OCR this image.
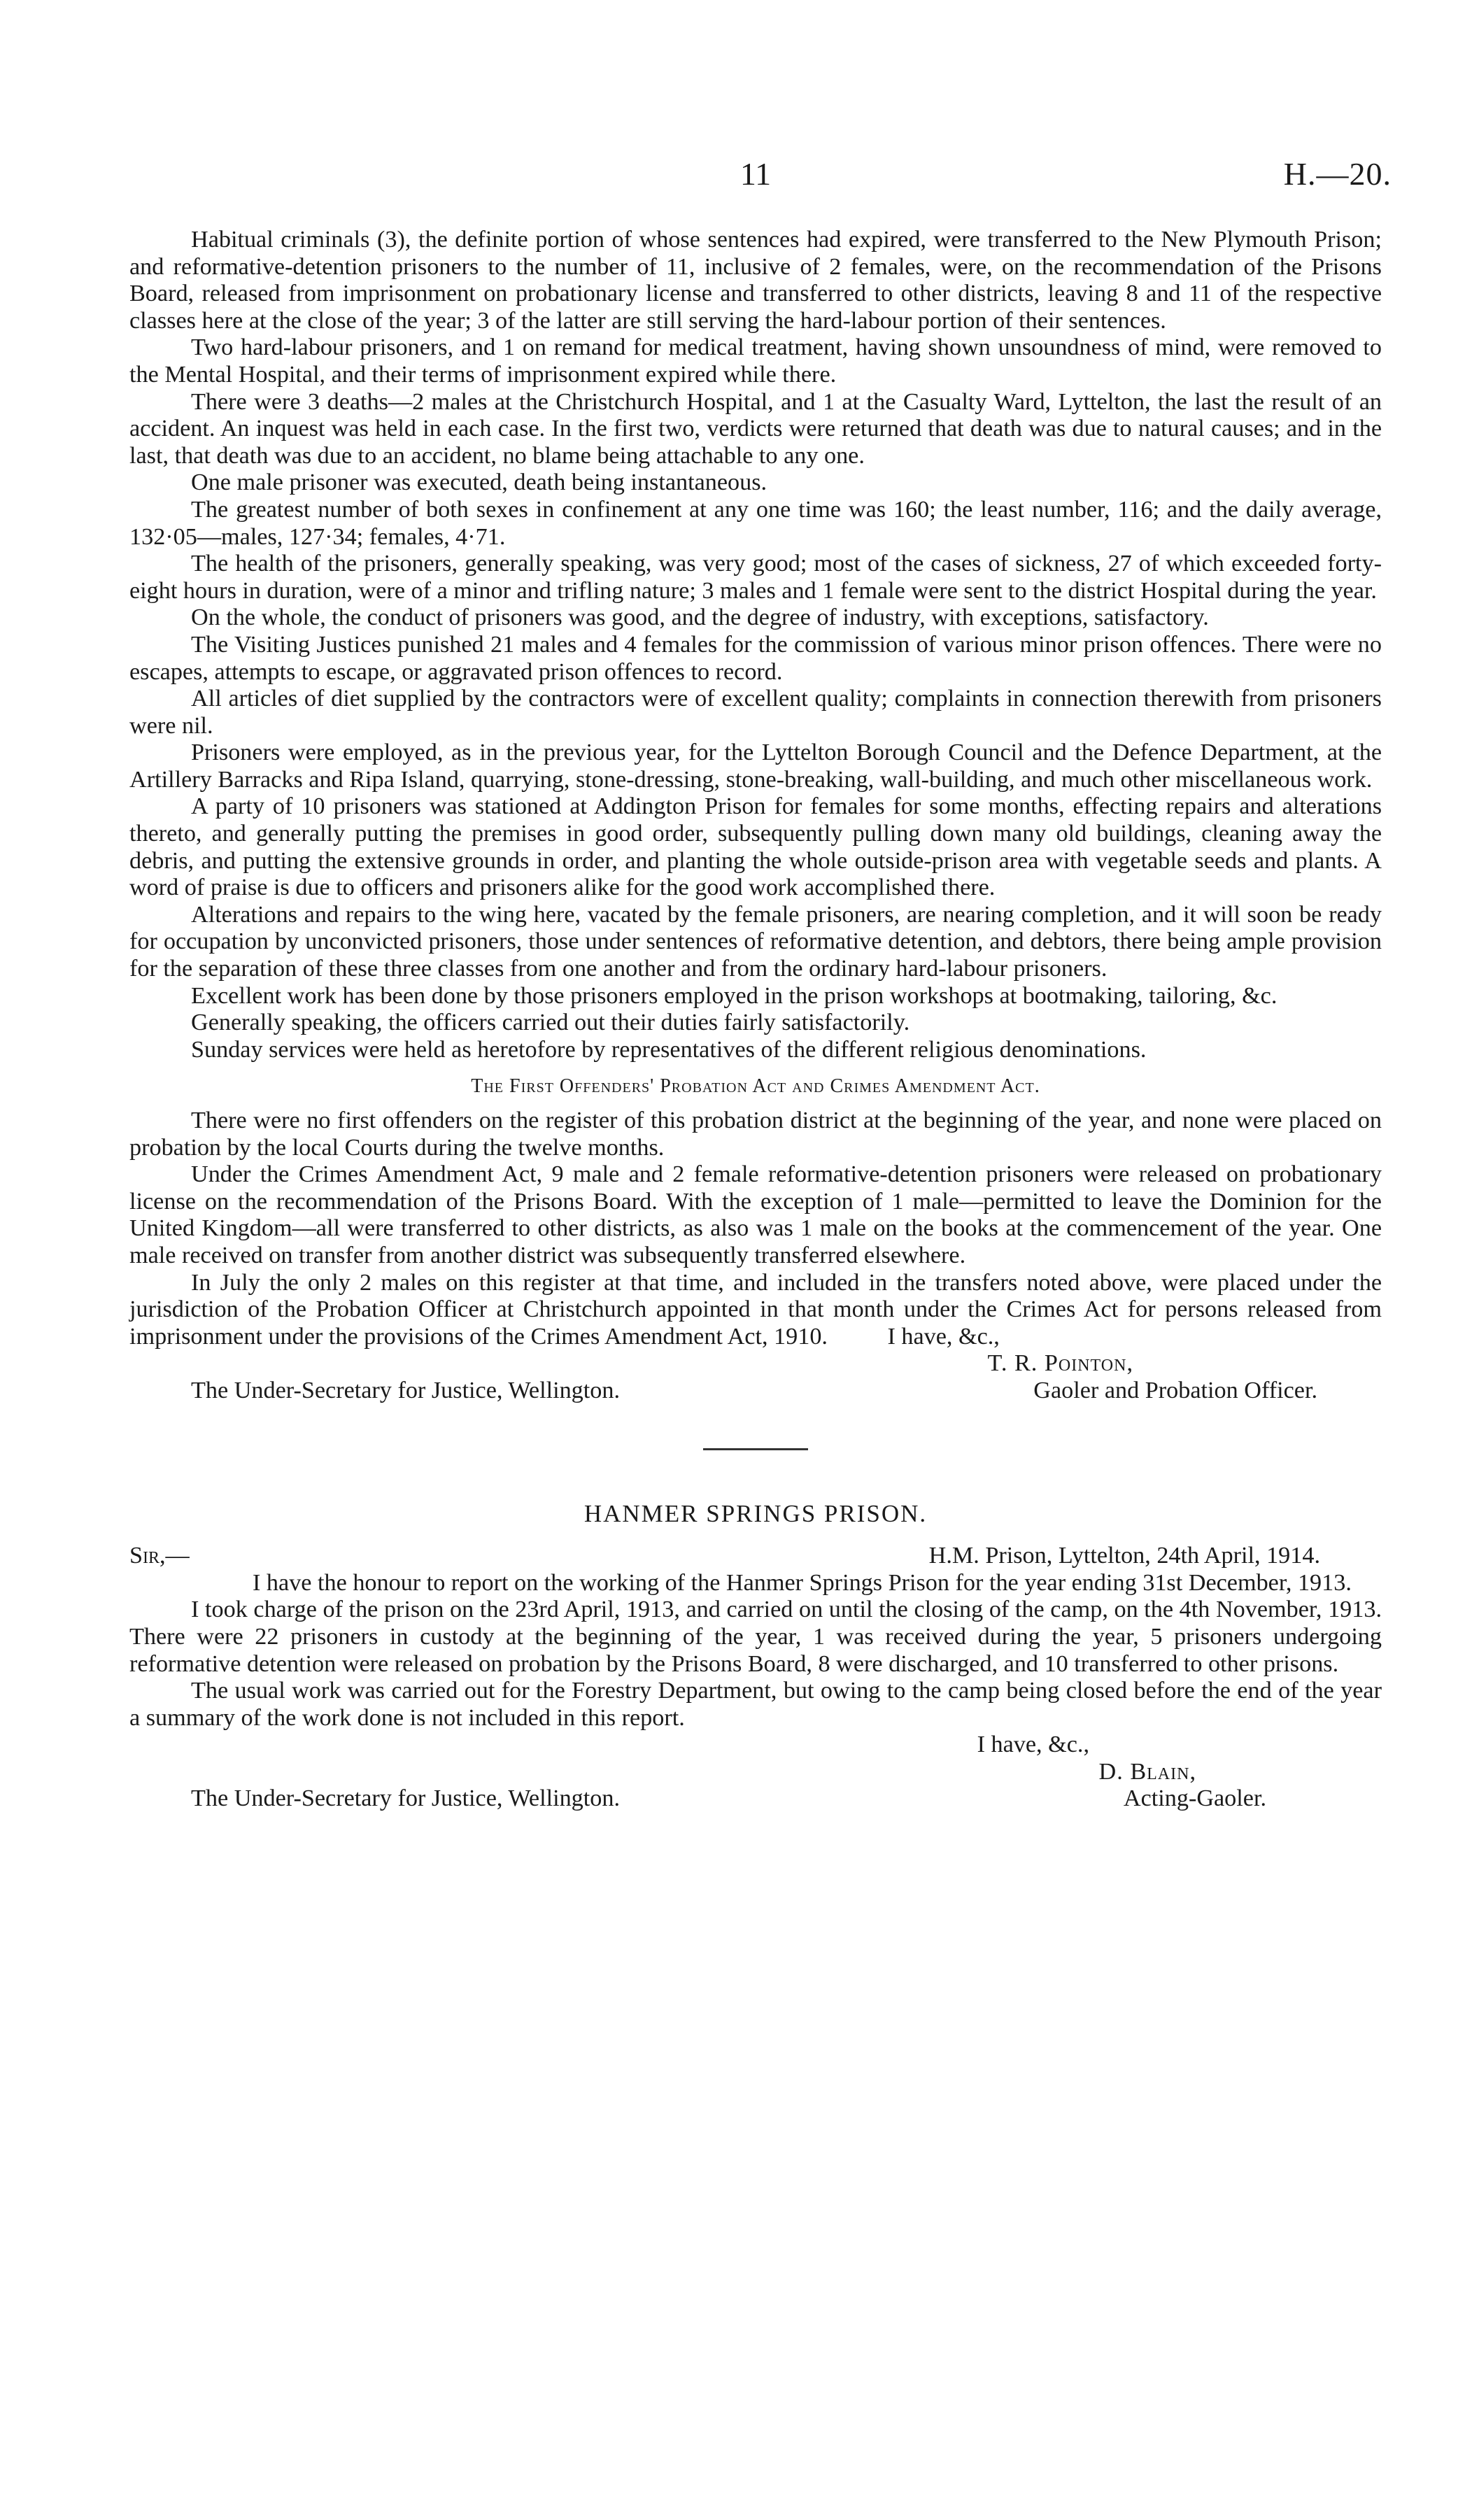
11	H.—20.

Habitual criminals (3), the definite portion of whose sentences had expired, were transferred to the New Plymouth Prison; and reformative-detention prisoners to the number of 11, inclusive of 2 females, were, on the recommendation of the Prisons Board, released from imprisonment on probationary license and transferred to other districts, leaving 8 and 11 of the respective classes here at the close of the year; 3 of the latter are still serving the hard-labour portion of their sentences.

Two hard-labour prisoners, and 1 on remand for medical treatment, having shown unsoundness of mind, were removed to the Mental Hospital, and their terms of imprisonment expired while there.

There were 3 deaths—2 males at the Christchurch Hospital, and 1 at the Casualty Ward, Lyttelton, the last the result of an accident. An inquest was held in each case. In the first two, verdicts were returned that death was due to natural causes; and in the last, that death was due to an accident, no blame being attachable to any one.

One male prisoner was executed, death being instantaneous.

The greatest number of both sexes in confinement at any one time was 160; the least number, 116; and the daily average, 132·05—males, 127·34; females, 4·71.

The health of the prisoners, generally speaking, was very good; most of the cases of sickness, 27 of which exceeded forty-eight hours in duration, were of a minor and trifling nature; 3 males and 1 female were sent to the district Hospital during the year.

On the whole, the conduct of prisoners was good, and the degree of industry, with exceptions, satisfactory.

The Visiting Justices punished 21 males and 4 females for the commission of various minor prison offences. There were no escapes, attempts to escape, or aggravated prison offences to record.

All articles of diet supplied by the contractors were of excellent quality; complaints in connection therewith from prisoners were nil.

Prisoners were employed, as in the previous year, for the Lyttelton Borough Council and the Defence Department, at the Artillery Barracks and Ripa Island, quarrying, stone-dressing, stone-breaking, wall-building, and much other miscellaneous work.

A party of 10 prisoners was stationed at Addington Prison for females for some months, effecting repairs and alterations thereto, and generally putting the premises in good order, subsequently pulling down many old buildings, cleaning away the debris, and putting the extensive grounds in order, and planting the whole outside-prison area with vegetable seeds and plants. A word of praise is due to officers and prisoners alike for the good work accomplished there.

Alterations and repairs to the wing here, vacated by the female prisoners, are nearing completion, and it will soon be ready for occupation by unconvicted prisoners, those under sentences of reformative detention, and debtors, there being ample provision for the separation of these three classes from one another and from the ordinary hard-labour prisoners.

Excellent work has been done by those prisoners employed in the prison workshops at bootmaking, tailoring, &c.

Generally speaking, the officers carried out their duties fairly satisfactorily.

Sunday services were held as heretofore by representatives of the different religious denominations.

The First Offenders' Probation Act and Crimes Amendment Act.

There were no first offenders on the register of this probation district at the beginning of the year, and none were placed on probation by the local Courts during the twelve months.

Under the Crimes Amendment Act, 9 male and 2 female reformative-detention prisoners were released on probationary license on the recommendation of the Prisons Board. With the exception of 1 male—permitted to leave the Dominion for the United Kingdom—all were transferred to other districts, as also was 1 male on the books at the commencement of the year. One male received on transfer from another district was subsequently transferred elsewhere.

In July the only 2 males on this register at that time, and included in the transfers noted above, were placed under the jurisdiction of the Probation Officer at Christchurch appointed in that month under the Crimes Act for persons released from imprisonment under the provisions of the Crimes Amendment Act, 1910. I have, &c.,

T. R. Pointon,
The Under-Secretary for Justice, Wellington.	Gaoler and Probation Officer.
HANMER SPRINGS PRISON.
Sir,—	H.M. Prison, Lyttelton, 24th April, 1914.

I have the honour to report on the working of the Hanmer Springs Prison for the year ending 31st December, 1913.

I took charge of the prison on the 23rd April, 1913, and carried on until the closing of the camp, on the 4th November, 1913. There were 22 prisoners in custody at the beginning of the year, 1 was received during the year, 5 prisoners undergoing reformative detention were released on probation by the Prisons Board, 8 were discharged, and 10 transferred to other prisons.

The usual work was carried out for the Forestry Department, but owing to the camp being closed before the end of the year a summary of the work done is not included in this report.

I have, &c.,
D. Blain,
The Under-Secretary for Justice, Wellington.	Acting-Gaoler.
